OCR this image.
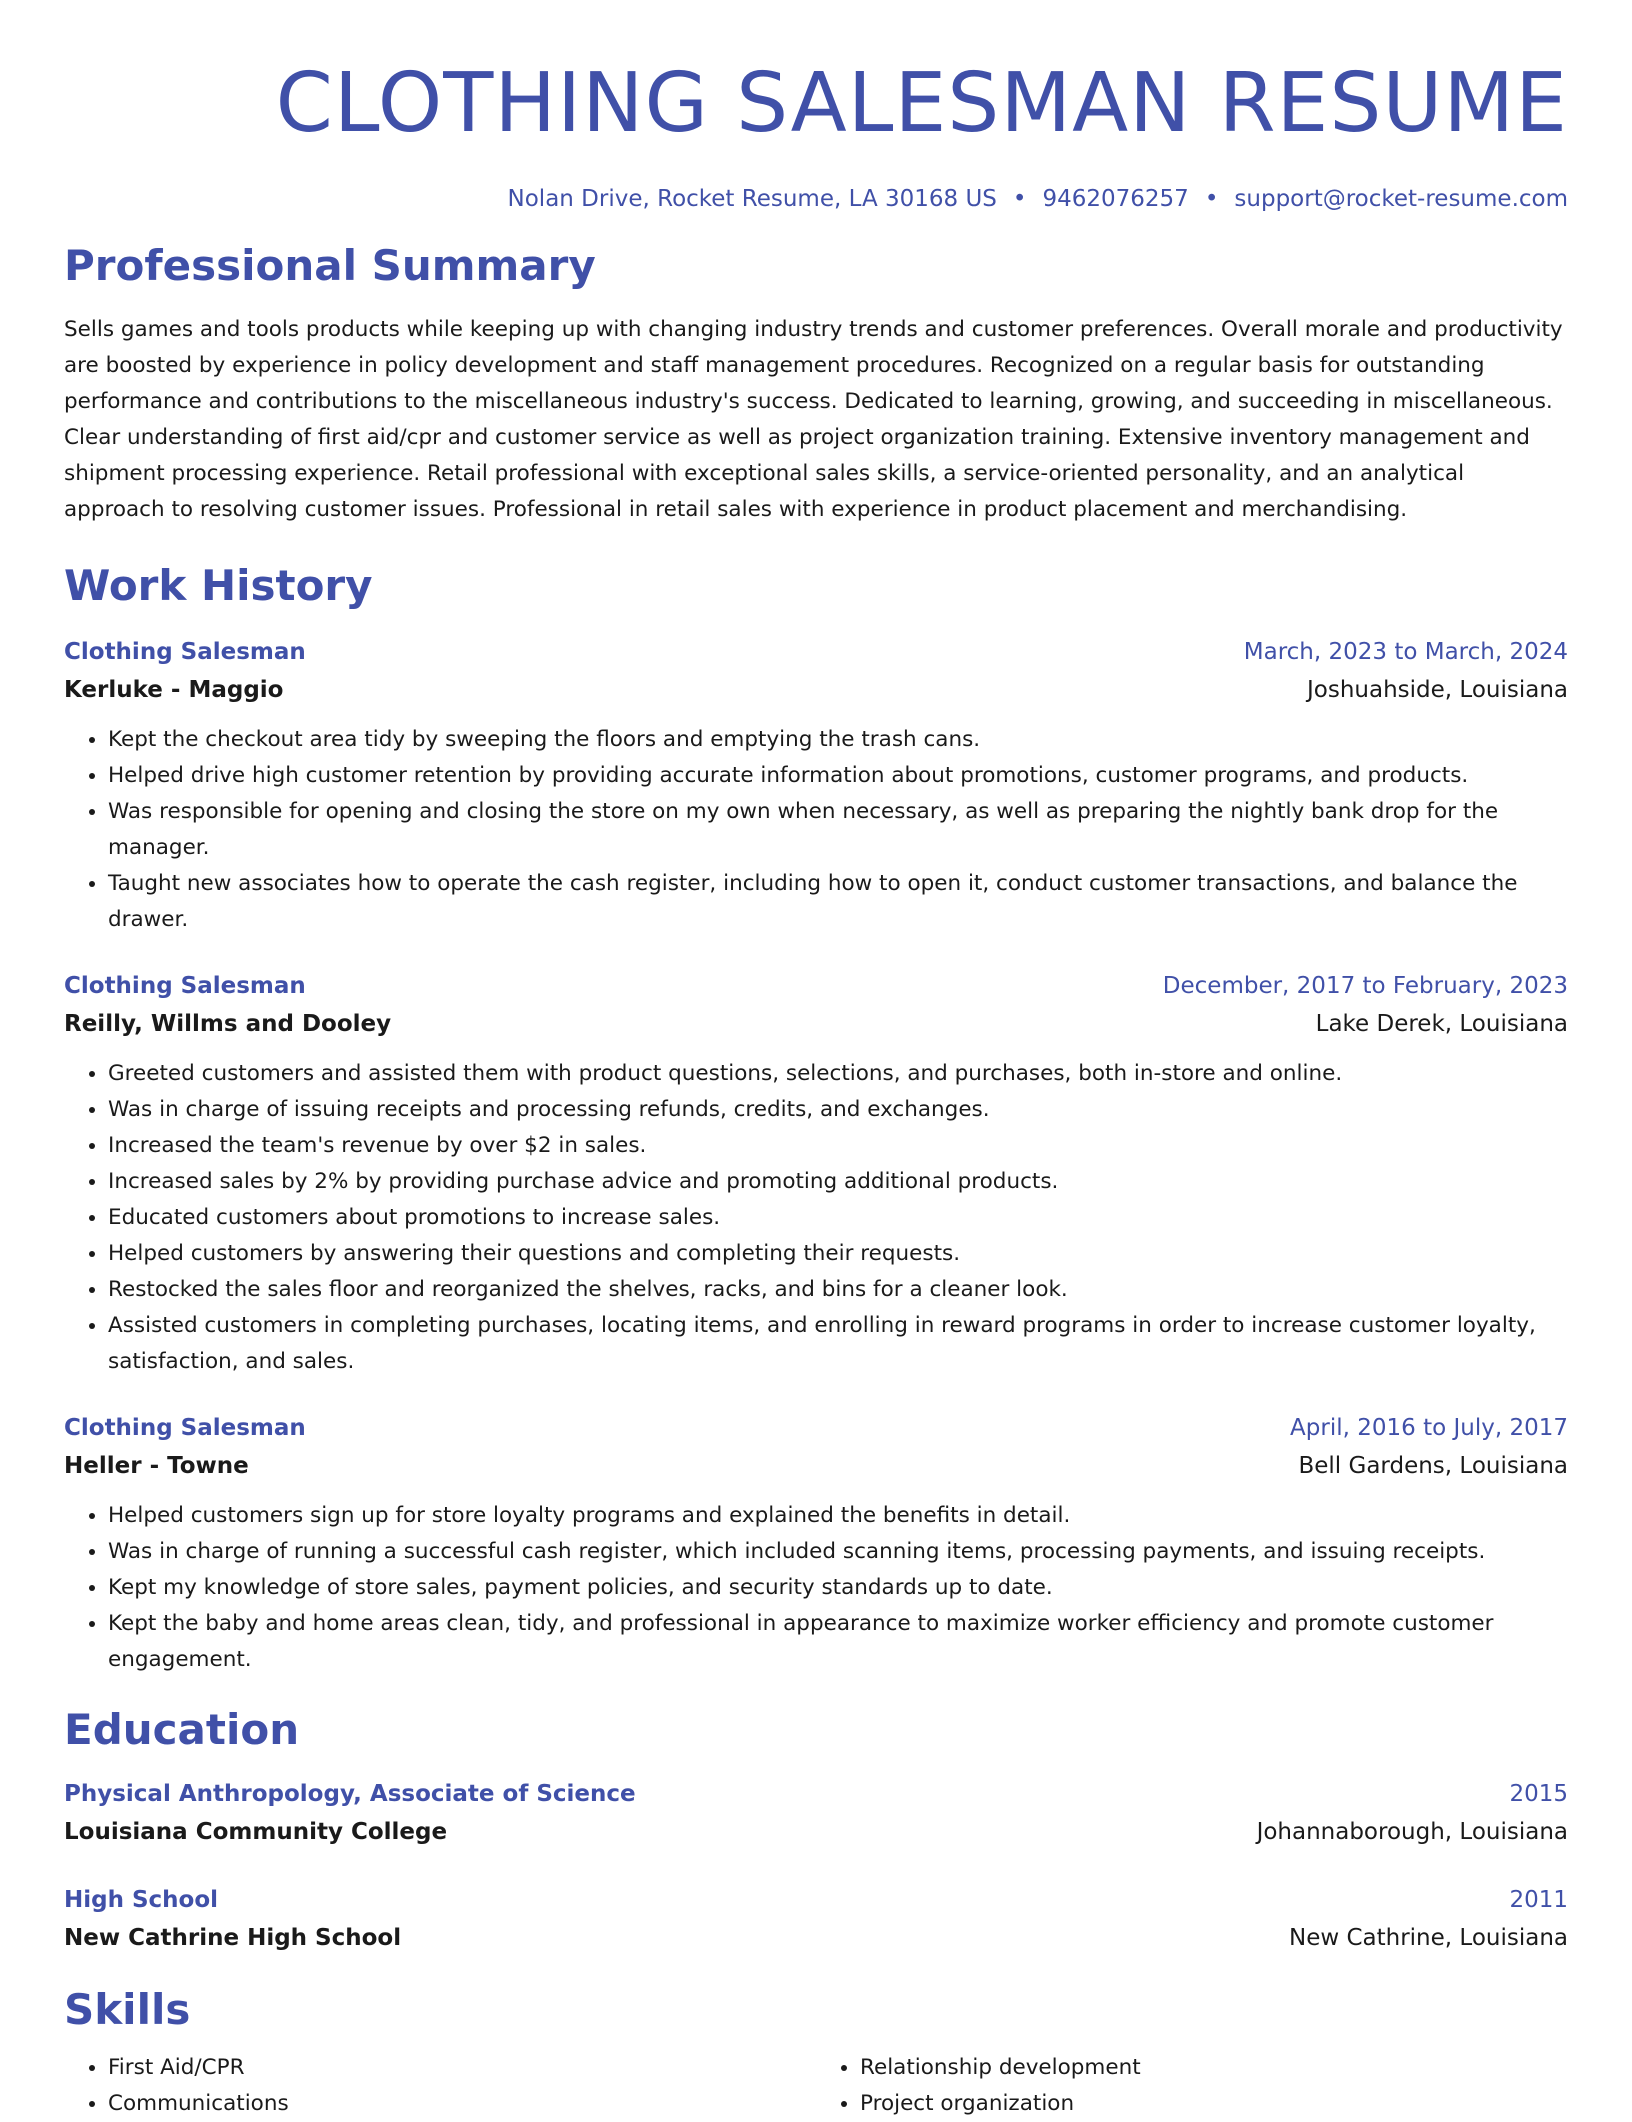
CLOTHING SALESMAN RESUME
Nolan Drive, Rocket Resume, LA 30168 US • 9462076257 • support@rocket-resume.com
Professional Summary
Sells games and tools products while keeping up with changing industry trends and customer preferences. Overall morale and productivity are boosted by experience in policy development and staff management procedures. Recognized on a regular basis for outstanding performance and contributions to the miscellaneous industry's success. Dedicated to learning, growing, and succeeding in miscellaneous. Clear understanding of first aid/cpr and customer service as well as project organization training. Extensive inventory management and shipment processing experience. Retail professional with exceptional sales skills, a service-oriented personality, and an analytical approach to resolving customer issues. Professional in retail sales with experience in product placement and merchandising.
Work History
Clothing Salesman	March, 2023 to March, 2024
Kerluke - Maggio	Joshuahside, Louisiana
• Kept the checkout area tidy by sweeping the floors and emptying the trash cans.
• Helped drive high customer retention by providing accurate information about promotions, customer programs, and products.
• Was responsible for opening and closing the store on my own when necessary, as well as preparing the nightly bank drop for the manager.
• Taught new associates how to operate the cash register, including how to open it, conduct customer transactions, and balance the drawer.
Clothing Salesman	December, 2017 to February, 2023
Reilly, Willms and Dooley	Lake Derek, Louisiana
• Greeted customers and assisted them with product questions, selections, and purchases, both in-store and online.
• Was in charge of issuing receipts and processing refunds, credits, and exchanges.
• Increased the team's revenue by over $2 in sales.
• Increased sales by 2% by providing purchase advice and promoting additional products.
• Educated customers about promotions to increase sales.
• Helped customers by answering their questions and completing their requests.
• Restocked the sales floor and reorganized the shelves, racks, and bins for a cleaner look.
• Assisted customers in completing purchases, locating items, and enrolling in reward programs in order to increase customer loyalty, satisfaction, and sales.
Clothing Salesman	April, 2016 to July, 2017
Heller - Towne	Bell Gardens, Louisiana
• Helped customers sign up for store loyalty programs and explained the benefits in detail.
• Was in charge of running a successful cash register, which included scanning items, processing payments, and issuing receipts.
• Kept my knowledge of store sales, payment policies, and security standards up to date.
• Kept the baby and home areas clean, tidy, and professional in appearance to maximize worker efficiency and promote customer engagement.
Education
Physical Anthropology, Associate of Science	2015
Louisiana Community College	Johannaborough, Louisiana
High School	2011
New Cathrine High School	New Cathrine, Louisiana
Skills
• First Aid/CPR
• Communications
• Relationship development
• Project organization
